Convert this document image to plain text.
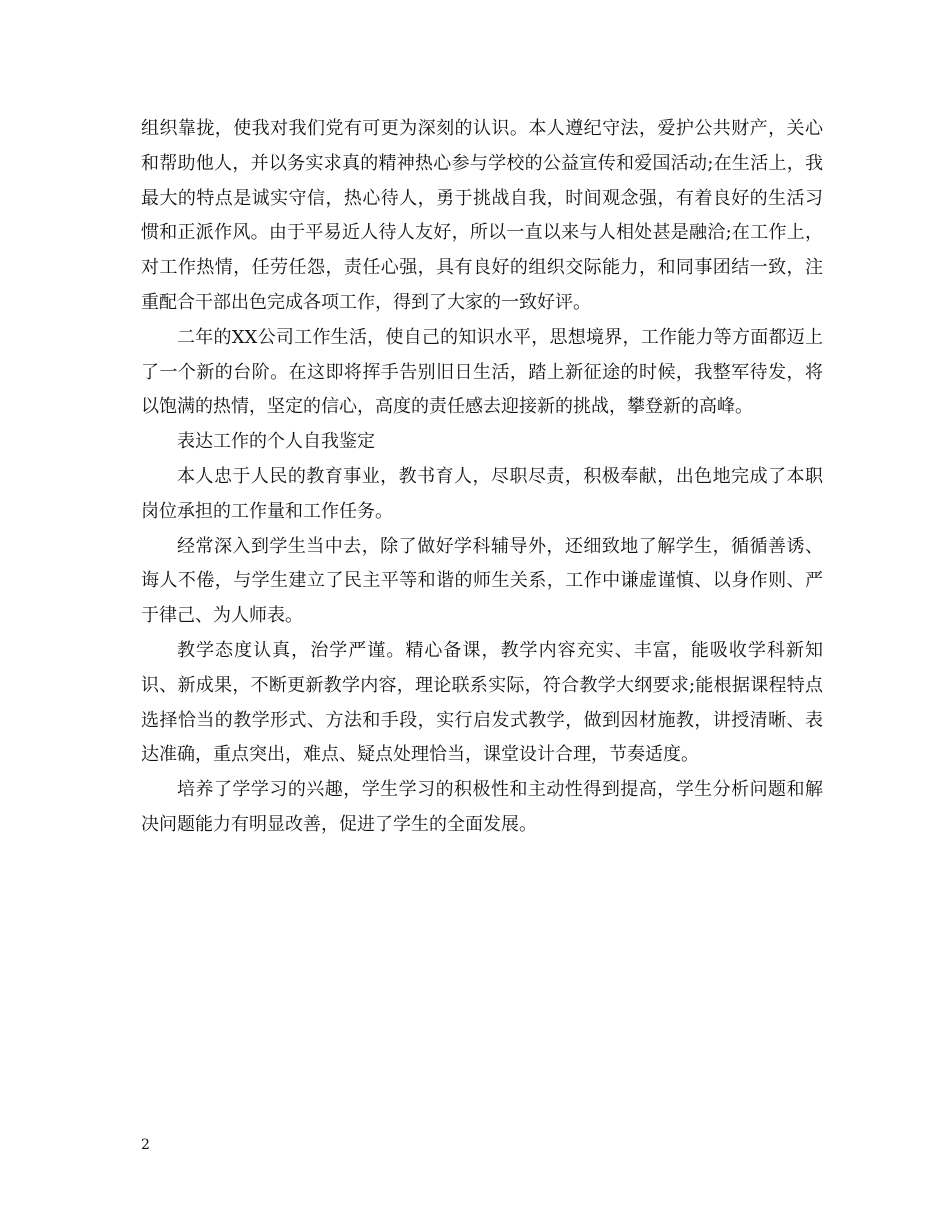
组织靠拢，使我对我们党有可更为深刻的认识。本人遵纪守法，爱护公共财产，关心和帮助他人，并以务实求真的精神热心参与学校的公益宣传和爱国活动;在生活上，我最大的特点是诚实守信，热心待人，勇于挑战自我，时间观念强，有着良好的生活习惯和正派作风。由于平易近人待人友好，所以一直以来与人相处甚是融洽;在工作上，对工作热情，任劳任怨，责任心强，具有良好的组织交际能力，和同事团结一致，注重配合干部出色完成各项工作，得到了大家的一致好评。

二年的XX公司工作生活，使自己的知识水平，思想境界，工作能力等方面都迈上了一个新的台阶。在这即将挥手告别旧日生活，踏上新征途的时候，我整军待发，将以饱满的热情，坚定的信心，高度的责任感去迎接新的挑战，攀登新的高峰。

表达工作的个人自我鉴定

本人忠于人民的教育事业，教书育人，尽职尽责，积极奉献，出色地完成了本职岗位承担的工作量和工作任务。

经常深入到学生当中去，除了做好学科辅导外，还细致地了解学生，循循善诱、诲人不倦，与学生建立了民主平等和谐的师生关系，工作中谦虚谨慎、以身作则、严于律己、为人师表。

教学态度认真，治学严谨。精心备课，教学内容充实、丰富，能吸收学科新知识、新成果，不断更新教学内容，理论联系实际，符合教学大纲要求;能根据课程特点选择恰当的教学形式、方法和手段，实行启发式教学，做到因材施教，讲授清晰、表达准确，重点突出，难点、疑点处理恰当，课堂设计合理，节奏适度。

培养了学学习的兴趣，学生学习的积极性和主动性得到提高，学生分析问题和解决问题能力有明显改善，促进了学生的全面发展。

2
